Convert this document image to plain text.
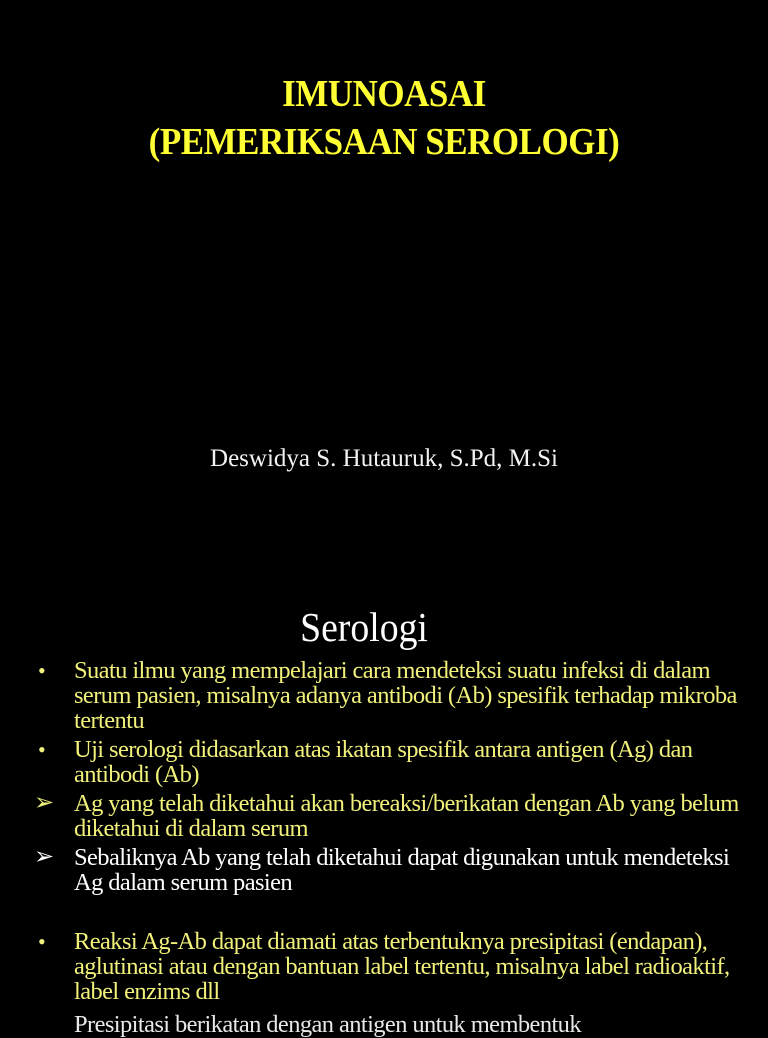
IMUNOASAI
(PEMERIKSAAN SEROLOGI)
Deswidya S. Hutauruk, S.Pd, M.Si
Serologi
•	Suatu ilmu yang mempelajari cara mendeteksi suatu infeksi di dalam serum pasien, misalnya adanya antibodi (Ab) spesifik terhadap mikroba tertentu
•	Uji serologi didasarkan atas ikatan spesifik antara antigen (Ag) dan antibodi (Ab)
➢ Ag yang telah diketahui akan bereaksi/berikatan dengan Ab yang belum diketahui di dalam serum
➢ Sebaliknya Ab yang telah diketahui dapat digunakan untuk mendeteksi Ag dalam serum pasien
•	Reaksi Ag-Ab dapat diamati atas terbentuknya presipitasi (endapan), aglutinasi atau dengan bantuan label tertentu, misalnya label radioaktif, label enzims dll
Presipitasi berikatan dengan antigen untuk membentuk
